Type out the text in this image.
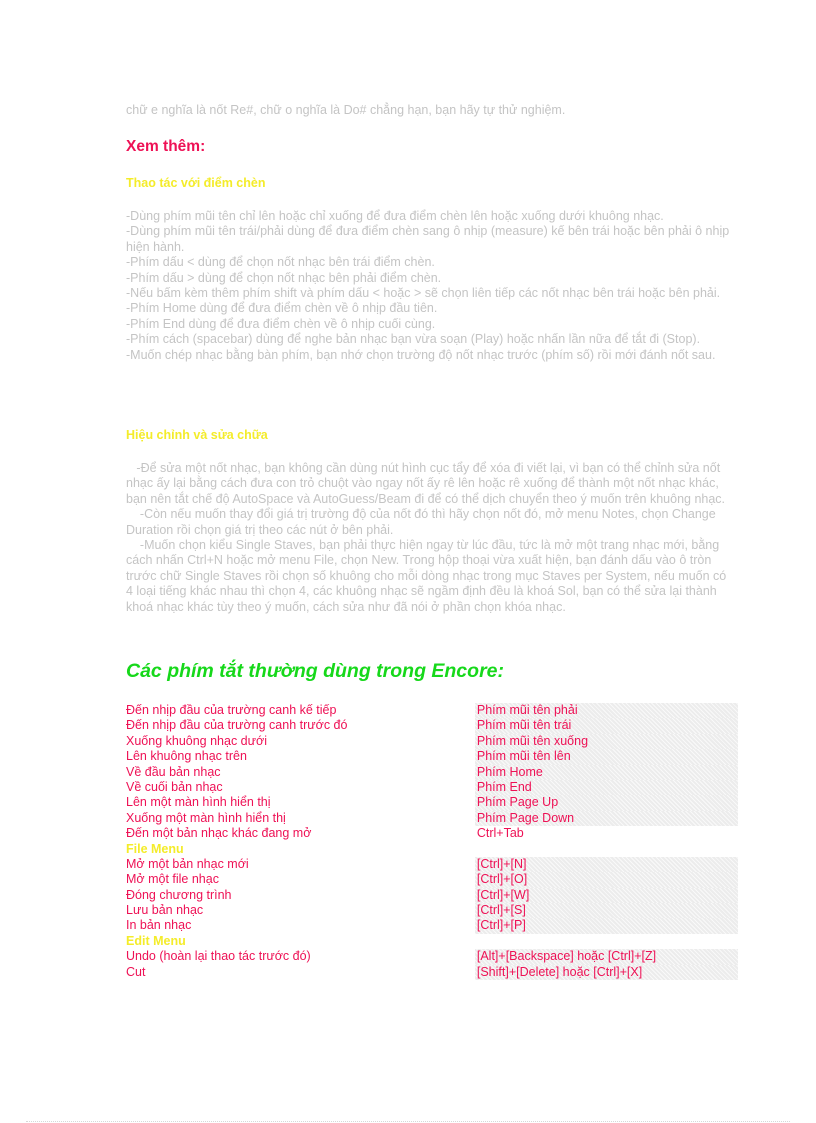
chữ e nghĩa là nốt Re#, chữ o nghĩa là Do# chẳng hạn, bạn hãy tự thử nghiệm.
Xem thêm:
Thao tác với điểm chèn
-Dùng phím mũi tên chỉ lên hoặc chỉ xuống để đưa điểm chèn lên hoặc xuống dưới khuông nhạc.
-Dùng phím mũi tên trái/phải dùng để đưa điểm chèn sang ô nhịp (measure) kế bên trái hoặc bên phải ô nhịp hiện hành.
-Phím dấu < dùng để chọn nốt nhạc bên trái điểm chèn.
-Phím dấu > dùng để chọn nốt nhạc bên phải điểm chèn.
-Nếu bấm kèm thêm phím shift và phím dấu < hoặc > sẽ chọn liên tiếp các nốt nhạc bên trái hoặc bên phải.
-Phím Home dùng để đưa điểm chèn về ô nhịp đầu tiên.
-Phím End dùng để đưa điểm chèn về ô nhịp cuối cùng.
-Phím cách (spacebar) dùng để nghe bản nhạc bạn vừa soạn (Play) hoặc nhấn lần nữa để tắt đi (Stop).
-Muốn chép nhạc bằng bàn phím, bạn nhớ chọn trường độ nốt nhạc trước (phím số) rồi mới đánh nốt sau.
Hiệu chỉnh và sửa chữa

-Để sửa một nốt nhạc, bạn không cần dùng nút hình cục tẩy để xóa đi viết lại, vì bạn có thể chỉnh sửa nốt nhạc ấy lại bằng cách đưa con trỏ chuột vào ngay nốt ấy rê lên hoặc rê xuống để thành một nốt nhạc khác, bạn nên tắt chế độ AutoSpace và AutoGuess/Beam đi để có thể dịch chuyển theo ý muốn trên khuông nhạc.

-Còn nếu muốn thay đổi giá trị trường độ của nốt đó thì hãy chọn nốt đó, mở menu Notes, chọn Change Duration rồi chọn giá trị theo các nút ở bên phải.

-Muốn chọn kiểu Single Staves, bạn phải thực hiện ngay từ lúc đầu, tức là mở một trang nhạc mới, bằng cách nhấn Ctrl+N hoặc mở menu File, chọn New. Trong hộp thoại vừa xuất hiện, bạn đánh dấu vào ô tròn trước chữ Single Staves rồi chọn số khuông cho mỗi dòng nhạc trong mục Staves per System, nếu muốn có 4 loại tiếng khác nhau thì chọn 4, các khuông nhạc sẽ ngầm định đều là khoá Sol, bạn có thể sửa lại thành khoá nhạc khác tùy theo ý muốn, cách sửa như đã nói ở phần chọn khóa nhạc.

Các phím tắt thường dùng trong Encore:
Đến nhịp đầu của trường canh kế tiếp	Phím mũi tên phải
Đến nhịp đầu của trường canh trước đó	Phím mũi tên trái
Xuống khuông nhạc dưới	Phím mũi tên xuống
Lên khuông nhạc trên	Phím mũi tên lên
Về đầu bản nhạc	Phím Home
Về cuối bản nhạc	Phím End
Lên một màn hình hiển thị	Phím Page Up
Xuống một màn hình hiển thị	Phím Page Down
Đến một bản nhạc khác đang mở	Ctrl+Tab
File Menu
Mở một bản nhạc mới	[Ctrl]+[N]
Mở một file nhạc	[Ctrl]+[O]
Đóng chương trình	[Ctrl]+[W]
Lưu bản nhạc	[Ctrl]+[S]
In bản nhạc	[Ctrl]+[P]
Edit Menu
Undo (hoàn lại thao tác trước đó)	[Alt]+[Backspace] hoặc [Ctrl]+[Z]
Cut	[Shift]+[Delete] hoặc [Ctrl]+[X]
